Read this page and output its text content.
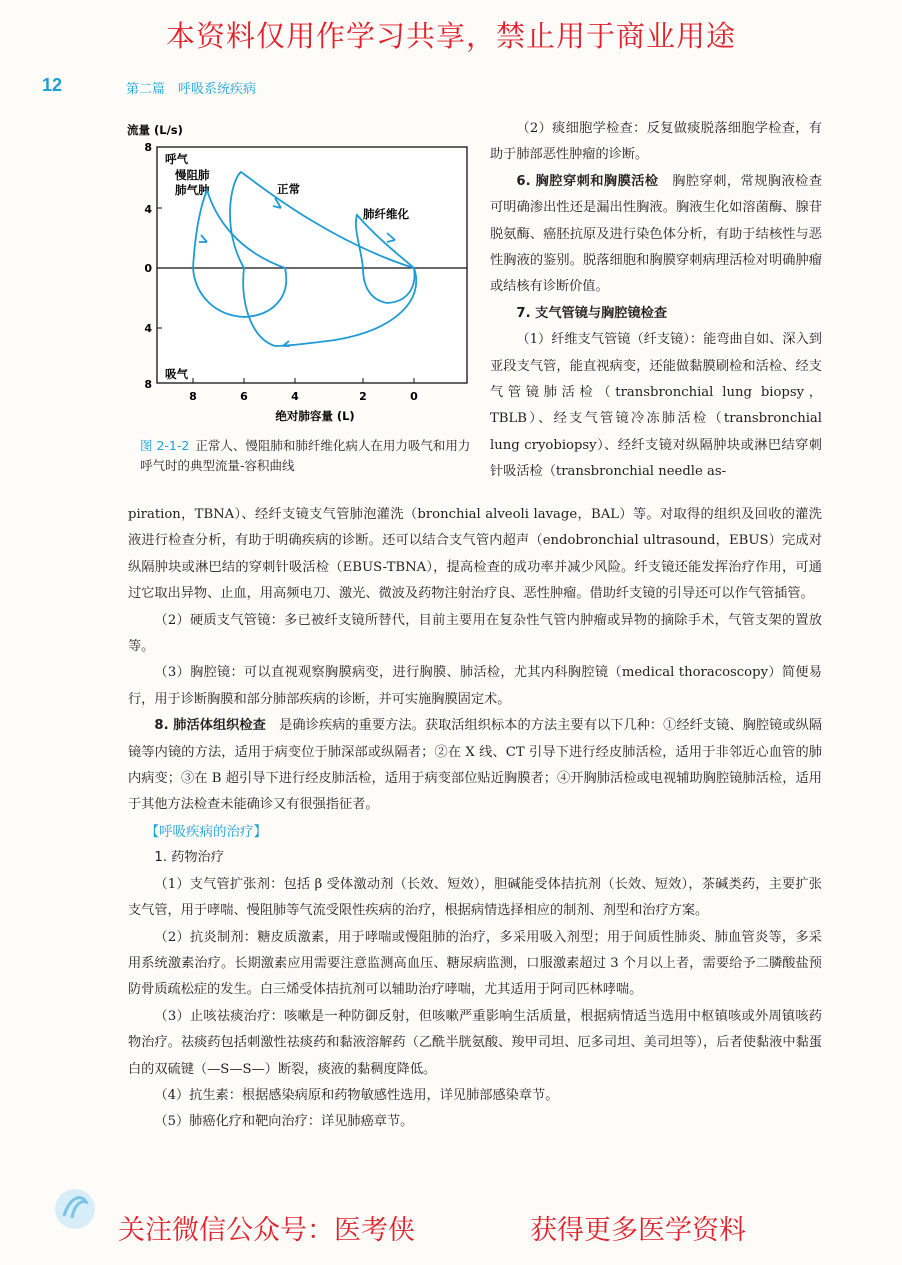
本资料仅用作学习共享，禁止用于商业用途
12	第二篇　呼吸系统疾病
流量 (L/s)
8
4
0
4
8
8	6	4	2	0
绝对肺容量 (L)
呼气
慢阻肺
肺气肿	正常
肺纤维化
吸气
图 2-1-2 正常人、慢阻肺和肺纤维化病人在用力吸气和用力呼气时的典型流量-容积曲线

（2）痰细胞学检查：反复做痰脱落细胞学检查，有助于肺部恶性肿瘤的诊断。

6. 胸腔穿刺和胸膜活检　 胸腔穿刺，常规胸液检查可明确渗出性还是漏出性胸液。胸液生化如溶菌酶、腺苷脱氨酶、癌胚抗原及进行染色体分析，有助于结核性与恶性胸液的鉴别。脱落细胞和胸膜穿刺病理活检对明确肿瘤或结核有诊断价值。

7. 支气管镜与胸腔镜检查

（1）纤维支气管镜（纤支镜）：能弯曲自如、深入到亚段支气管，能直视病变，还能做黏膜刷检和活检、经支气管镜肺活检（transbronchial lung biopsy，TBLB）、经支气管镜冷冻肺活检（transbronchial lung cryobiopsy）、经纤支镜对纵隔肿块或淋巴结穿刺针吸活检（transbronchial needle as-

piration，TBNA）、经纤支镜支气管肺泡灌洗（bronchial alveoli lavage，BAL）等。对取得的组织及回收的灌洗液进行检查分析，有助于明确疾病的诊断。还可以结合支气管内超声（endobronchial ultrasound，EBUS）完成对纵隔肿块或淋巴结的穿刺针吸活检（EBUS-TBNA），提高检查的成功率并减少风险。纤支镜还能发挥治疗作用，可通过它取出异物、止血，用高频电刀、激光、微波及药物注射治疗良、恶性肿瘤。借助纤支镜的引导还可以作气管插管。

（2）硬质支气管镜：多已被纤支镜所替代，目前主要用在复杂性气管内肿瘤或异物的摘除手术，气管支架的置放等。

（3）胸腔镜：可以直视观察胸膜病变，进行胸膜、肺活检，尤其内科胸腔镜（medical thoracoscopy）简便易行，用于诊断胸膜和部分肺部疾病的诊断，并可实施胸膜固定术。

8. 肺活体组织检查　 是确诊疾病的重要方法。获取活组织标本的方法主要有以下几种：①经纤支镜、胸腔镜或纵隔镜等内镜的方法，适用于病变位于肺深部或纵隔者；②在 X 线、CT 引导下进行经皮肺活检，适用于非邻近心血管的肺内病变；③在 B 超引导下进行经皮肺活检，适用于病变部位贴近胸膜者；④开胸肺活检或电视辅助胸腔镜肺活检，适用于其他方法检查未能确诊又有很强指征者。

【呼吸疾病的治疗】

1. 药物治疗

（1）支气管扩张剂：包括 β 受体激动剂（长效、短效），胆碱能受体拮抗剂（长效、短效），茶碱类药，主要扩张支气管，用于哮喘、慢阻肺等气流受限性疾病的治疗，根据病情选择相应的制剂、剂型和治疗方案。

（2）抗炎制剂：糖皮质激素，用于哮喘或慢阻肺的治疗，多采用吸入剂型；用于间质性肺炎、肺血管炎等，多采用系统激素治疗。长期激素应用需要注意监测高血压、糖尿病监测，口服激素超过 3 个月以上者，需要给予二膦酸盐预防骨质疏松症的发生。白三烯受体拮抗剂可以辅助治疗哮喘，尤其适用于阿司匹林哮喘。

（3）止咳祛痰治疗：咳嗽是一种防御反射，但咳嗽严重影响生活质量，根据病情适当选用中枢镇咳或外周镇咳药物治疗。祛痰药包括刺激性祛痰药和黏液溶解药（乙酰半胱氨酸、羧甲司坦、厄多司坦、美司坦等），后者使黏液中黏蛋白的双硫键（—S—S—）断裂，痰液的黏稠度降低。

（4）抗生素：根据感染病原和药物敏感性选用，详见肺部感染章节。

（5）肺癌化疗和靶向治疗：详见肺癌章节。

关注微信公众号：医考侠	获得更多医学资料
